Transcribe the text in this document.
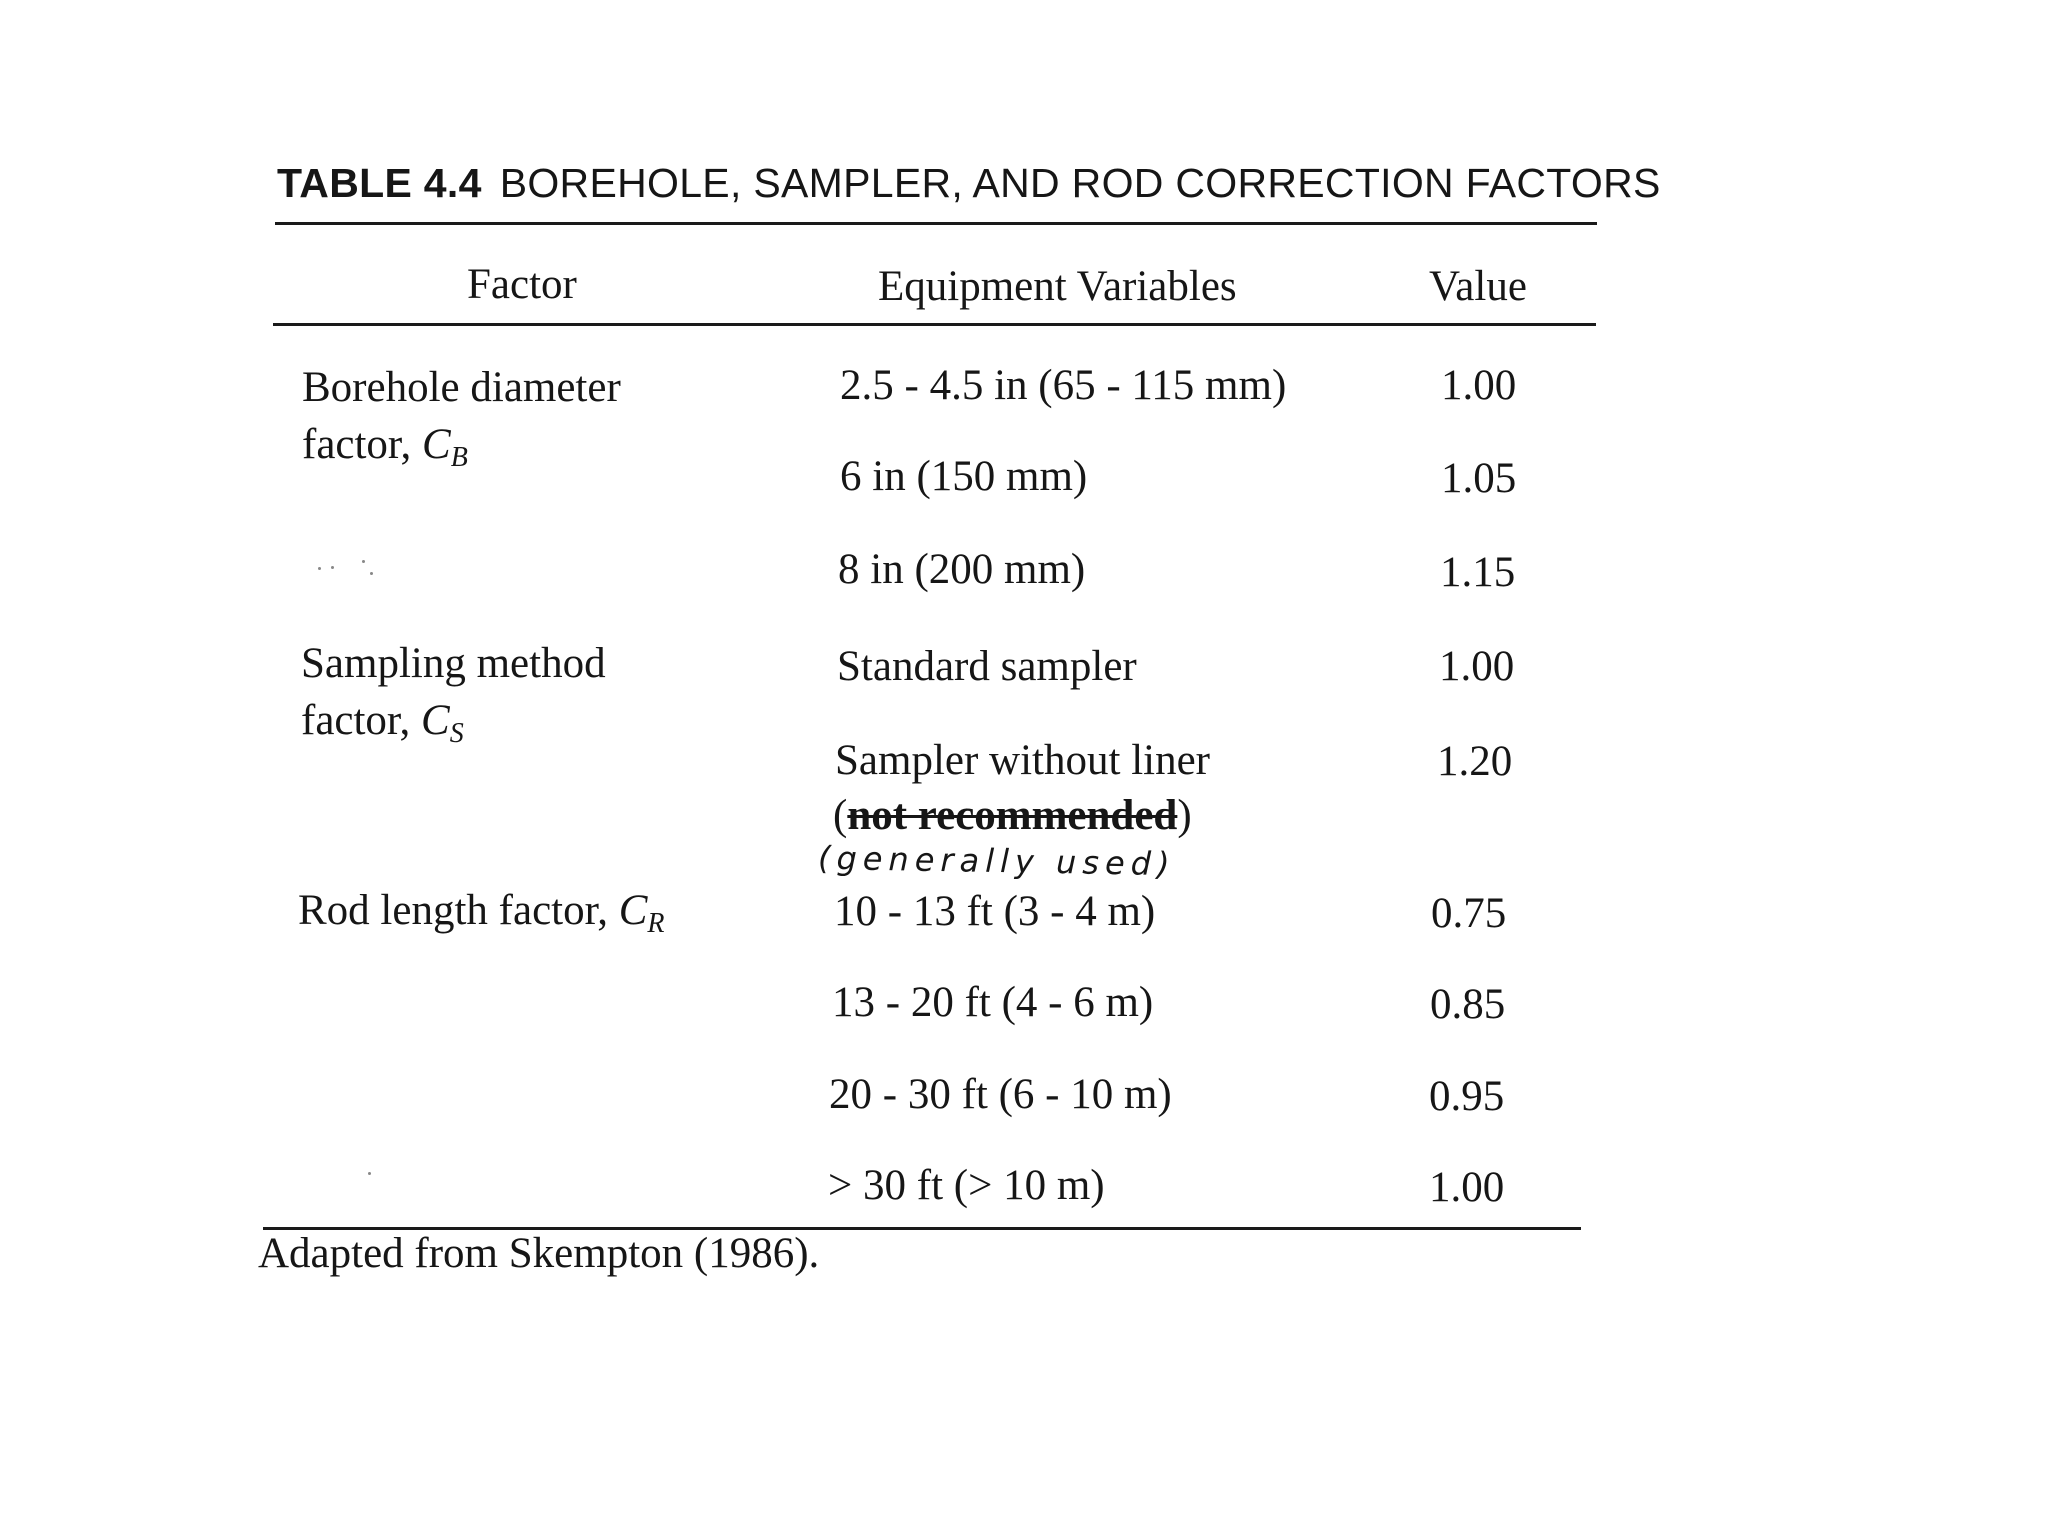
TABLE 4.4 BOREHOLE, SAMPLER, AND ROD CORRECTION FACTORS
Factor	Equipment Variables	Value
Borehole diameter
factor, $C_B$
2.5 - 4.5 in (65 - 115 mm)	1.00
6 in (150 mm)	1.05
8 in (200 mm)	1.15
Sampling method
factor, $C_S$
Standard sampler	1.00
Sampler without liner	1.20
(not recommended)
(generally used)
Rod length factor, $C_R$	10 - 13 ft (3 - 4 m)	0.75
13 - 20 ft (4 - 6 m)	0.85
20 - 30 ft (6 - 10 m)	0.95
> 30 ft (> 10 m)	1.00
Adapted from Skempton (1986).
